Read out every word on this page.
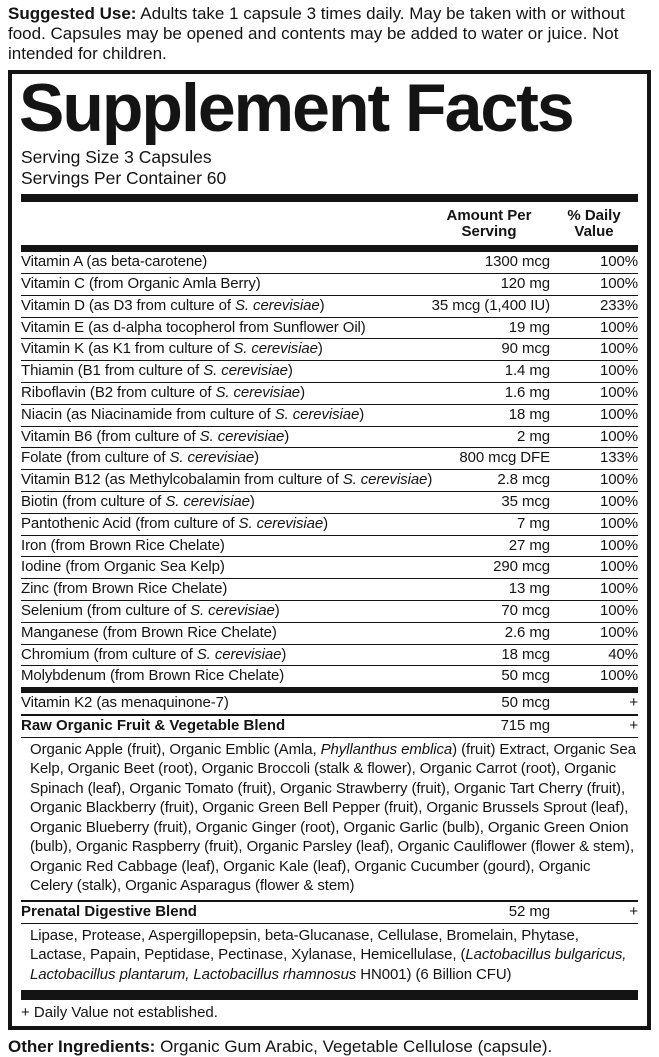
Suggested Use: Adults take 1 capsule 3 times daily. May be taken with or without food. Capsules may be opened and contents may be added to water or juice. Not intended for children.

Supplement Facts
Serving Size 3 Capsules
Servings Per Container 60
Amount Per Serving
% Daily Value
Vitamin A (as beta-carotene)	1300 mcg	100%
Vitamin C (from Organic Amla Berry)	120 mg	100%
Vitamin D (as D3 from culture of S. cerevisiae)	35 mcg (1,400 IU)	233%
Vitamin E (as d-alpha tocopherol from Sunflower Oil)	19 mg	100%
Vitamin K (as K1 from culture of S. cerevisiae)	90 mcg	100%
Thiamin (B1 from culture of S. cerevisiae)	1.4 mg	100%
Riboflavin (B2 from culture of S. cerevisiae)	1.6 mg	100%
Niacin (as Niacinamide from culture of S. cerevisiae)	18 mg	100%
Vitamin B6 (from culture of S. cerevisiae)	2 mg	100%
Folate (from culture of S. cerevisiae)	800 mcg DFE	133%
Vitamin B12 (as Methylcobalamin from culture of S. cerevisiae)	2.8 mcg	100%
Biotin (from culture of S. cerevisiae)	35 mcg	100%
Pantothenic Acid (from culture of S. cerevisiae)	7 mg	100%
Iron (from Brown Rice Chelate)	27 mg	100%
Iodine (from Organic Sea Kelp)	290 mcg	100%
Zinc (from Brown Rice Chelate)	13 mg	100%
Selenium (from culture of S. cerevisiae)	70 mcg	100%
Manganese (from Brown Rice Chelate)	2.6 mg	100%
Chromium (from culture of S. cerevisiae)	18 mcg	40%
Molybdenum (from Brown Rice Chelate)	50 mcg	100%
Vitamin K2 (as menaquinone-7)	50 mcg	+
Raw Organic Fruit & Vegetable Blend	715 mg	+
Organic Apple (fruit), Organic Emblic (Amla, Phyllanthus emblica) (fruit) Extract, Organic Sea Kelp, Organic Beet (root), Organic Broccoli (stalk & flower), Organic Carrot (root), Organic Spinach (leaf), Organic Tomato (fruit), Organic Strawberry (fruit), Organic Tart Cherry (fruit), Organic Blackberry (fruit), Organic Green Bell Pepper (fruit), Organic Brussels Sprout (leaf), Organic Blueberry (fruit), Organic Ginger (root), Organic Garlic (bulb), Organic Green Onion (bulb), Organic Raspberry (fruit), Organic Parsley (leaf), Organic Cauliflower (flower & stem), Organic Red Cabbage (leaf), Organic Kale (leaf), Organic Cucumber (gourd), Organic Celery (stalk), Organic Asparagus (flower & stem)
Prenatal Digestive Blend	52 mg	+
Lipase, Protease, Aspergillopepsin, beta-Glucanase, Cellulase, Bromelain, Phytase, Lactase, Papain, Peptidase, Pectinase, Xylanase, Hemicellulase, (Lactobacillus bulgaricus, Lactobacillus plantarum, Lactobacillus rhamnosus HN001) (6 Billion CFU)
+ Daily Value not established.

Other Ingredients: Organic Gum Arabic, Vegetable Cellulose (capsule).
